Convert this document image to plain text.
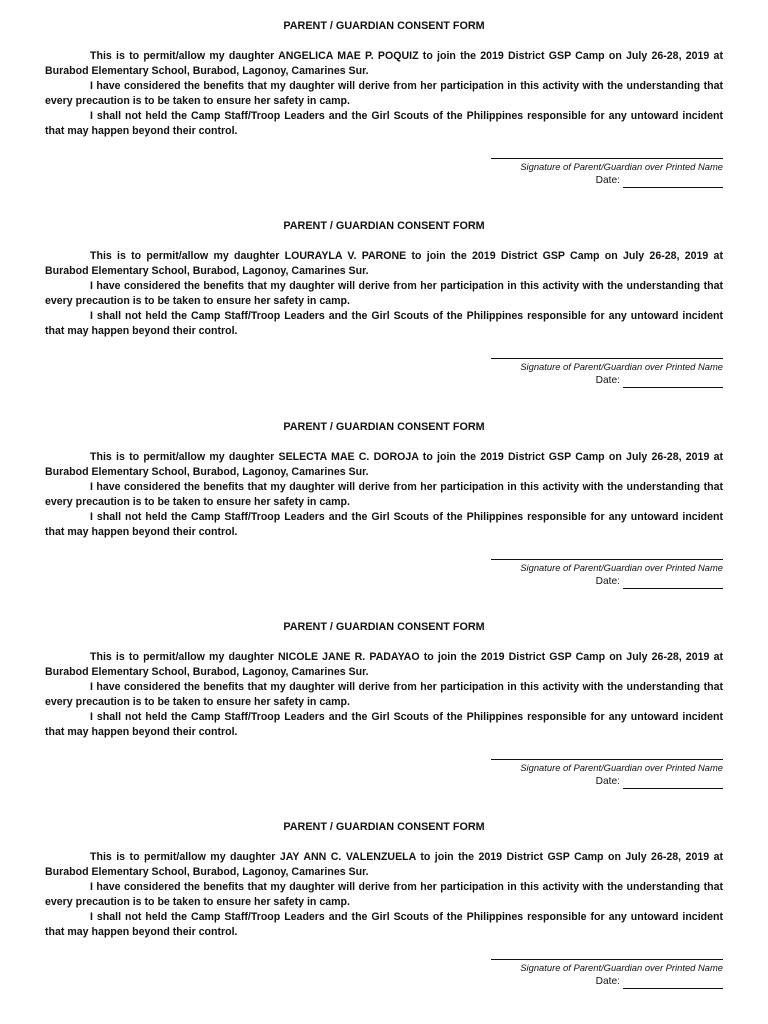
PARENT / GUARDIAN CONSENT FORM

This is to permit/allow my daughter ANGELICA MAE P. POQUIZ to join the 2019 District GSP Camp on July 26-28, 2019 at Burabod Elementary School, Burabod, Lagonoy, Camarines Sur.

I have considered the benefits that my daughter will derive from her participation in this activity with the understanding that every precaution is to be taken to ensure her safety in camp.

I shall not held the Camp Staff/Troop Leaders and the Girl Scouts of the Philippines responsible for any untoward incident that may happen beyond their control.

Signature of Parent/Guardian over Printed Name
Date:
PARENT / GUARDIAN CONSENT FORM

This is to permit/allow my daughter LOURAYLA V. PARONE to join the 2019 District GSP Camp on July 26-28, 2019 at Burabod Elementary School, Burabod, Lagonoy, Camarines Sur.

I have considered the benefits that my daughter will derive from her participation in this activity with the understanding that every precaution is to be taken to ensure her safety in camp.

I shall not held the Camp Staff/Troop Leaders and the Girl Scouts of the Philippines responsible for any untoward incident that may happen beyond their control.

Signature of Parent/Guardian over Printed Name
Date:
PARENT / GUARDIAN CONSENT FORM

This is to permit/allow my daughter SELECTA MAE C. DOROJA to join the 2019 District GSP Camp on July 26-28, 2019 at Burabod Elementary School, Burabod, Lagonoy, Camarines Sur.

I have considered the benefits that my daughter will derive from her participation in this activity with the understanding that every precaution is to be taken to ensure her safety in camp.

I shall not held the Camp Staff/Troop Leaders and the Girl Scouts of the Philippines responsible for any untoward incident that may happen beyond their control.

Signature of Parent/Guardian over Printed Name
Date:
PARENT / GUARDIAN CONSENT FORM

This is to permit/allow my daughter NICOLE JANE R. PADAYAO to join the 2019 District GSP Camp on July 26-28, 2019 at Burabod Elementary School, Burabod, Lagonoy, Camarines Sur.

I have considered the benefits that my daughter will derive from her participation in this activity with the understanding that every precaution is to be taken to ensure her safety in camp.

I shall not held the Camp Staff/Troop Leaders and the Girl Scouts of the Philippines responsible for any untoward incident that may happen beyond their control.

Signature of Parent/Guardian over Printed Name
Date:
PARENT / GUARDIAN CONSENT FORM

This is to permit/allow my daughter JAY ANN C. VALENZUELA to join the 2019 District GSP Camp on July 26-28, 2019 at Burabod Elementary School, Burabod, Lagonoy, Camarines Sur.

I have considered the benefits that my daughter will derive from her participation in this activity with the understanding that every precaution is to be taken to ensure her safety in camp.

I shall not held the Camp Staff/Troop Leaders and the Girl Scouts of the Philippines responsible for any untoward incident that may happen beyond their control.

Signature of Parent/Guardian over Printed Name
Date:
